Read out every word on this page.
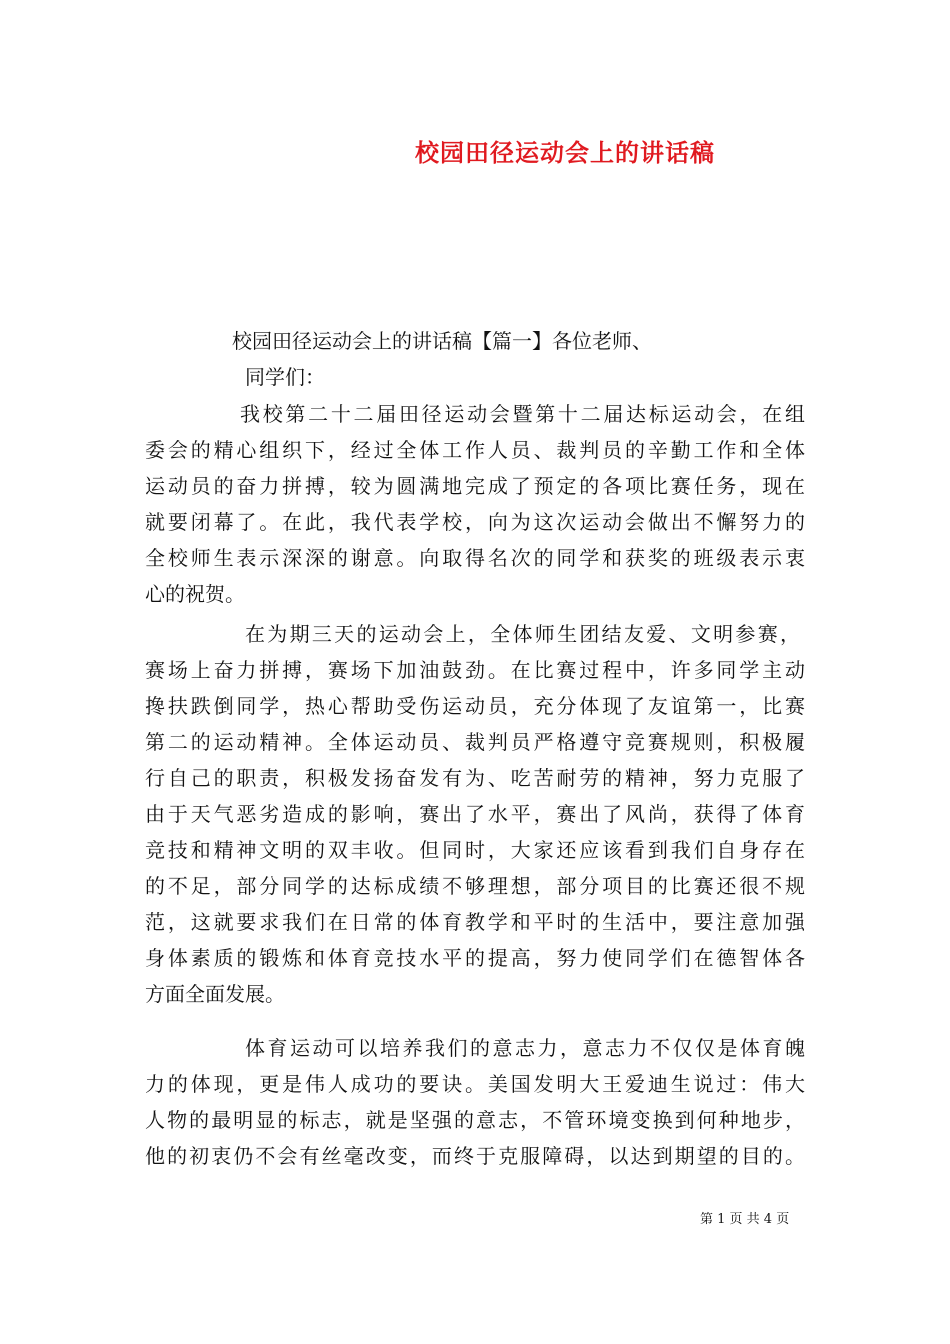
校园田径运动会上的讲话稿
校园田径运动会上的讲话稿【篇一】各位老师、
同学们：
我校第二十二届田径运动会暨第十二届达标运动会，在组
委会的精心组织下，经过全体工作人员、裁判员的辛勤工作和全体
运动员的奋力拼搏，较为圆满地完成了预定的各项比赛任务，现在
就要闭幕了。在此，我代表学校，向为这次运动会做出不懈努力的
全校师生表示深深的谢意。向取得名次的同学和获奖的班级表示衷
心的祝贺。
在为期三天的运动会上，全体师生团结友爱、文明参赛，
赛场上奋力拼搏，赛场下加油鼓劲。在比赛过程中，许多同学主动
搀扶跌倒同学，热心帮助受伤运动员，充分体现了友谊第一，比赛
第二的运动精神。全体运动员、裁判员严格遵守竞赛规则，积极履
行自己的职责，积极发扬奋发有为、吃苦耐劳的精神，努力克服了
由于天气恶劣造成的影响，赛出了水平，赛出了风尚，获得了体育
竞技和精神文明的双丰收。但同时，大家还应该看到我们自身存在
的不足，部分同学的达标成绩不够理想，部分项目的比赛还很不规
范，这就要求我们在日常的体育教学和平时的生活中，要注意加强
身体素质的锻炼和体育竞技水平的提高，努力使同学们在德智体各
方面全面发展。
体育运动可以培养我们的意志力，意志力不仅仅是体育魄
力的体现，更是伟人成功的要诀。美国发明大王爱迪生说过：伟大
人物的最明显的标志，就是坚强的意志，不管环境变换到何种地步，
他的初衷仍不会有丝毫改变，而终于克服障碍，以达到期望的目的。
第 1 页 共 4 页
